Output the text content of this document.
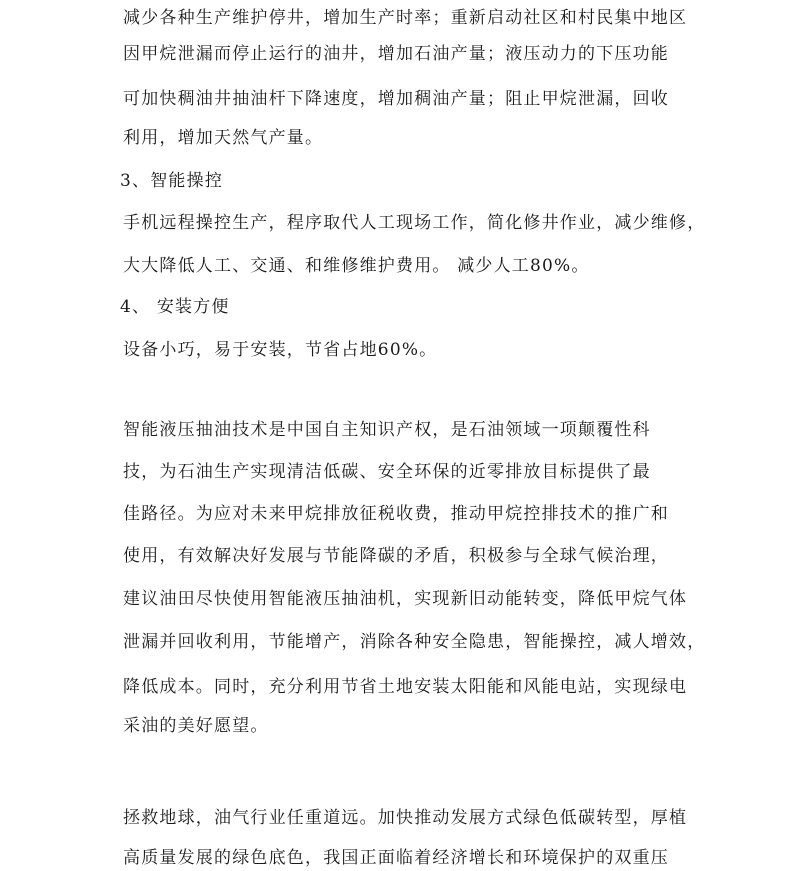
减少各种生产维护停井，增加生产时率；重新启动社区和村民集中地区
因甲烷泄漏而停止运行的油井，增加石油产量；液压动力的下压功能
可加快稠油井抽油杆下降速度，增加稠油产量；阻止甲烷泄漏，回收
利用，增加天然气产量。
3、智能操控
手机远程操控生产，程序取代人工现场工作，简化修井作业，减少维修，
大大降低人工、交通、和维修维护费用。 减少人工80%。
4、 安装方便
设备小巧，易于安装，节省占地60%。
智能液压抽油技术是中国自主知识产权，是石油领域一项颠覆性科
技，为石油生产实现清洁低碳、安全环保的近零排放目标提供了最
佳路径。为应对未来甲烷排放征税收费，推动甲烷控排技术的推广和
使用，有效解决好发展与节能降碳的矛盾，积极参与全球气候治理，
建议油田尽快使用智能液压抽油机，实现新旧动能转变，降低甲烷气体
泄漏并回收利用，节能增产，消除各种安全隐患，智能操控，减人增效，
降低成本。同时，充分利用节省土地安装太阳能和风能电站，实现绿电
采油的美好愿望。
拯救地球，油气行业任重道远。加快推动发展方式绿色低碳转型，厚植
高质量发展的绿色底色，我国正面临着经济增长和环境保护的双重压
